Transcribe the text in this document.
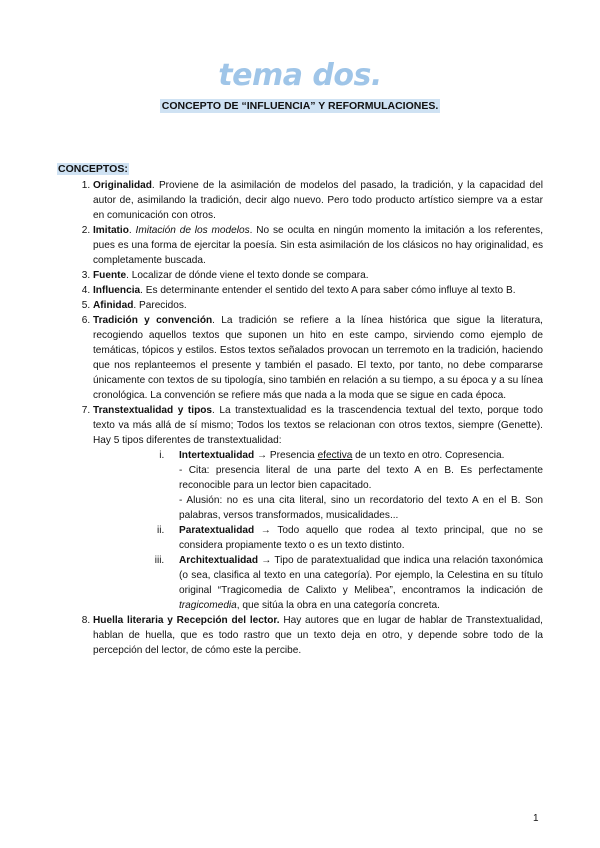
tema dos.
CONCEPTO DE “INFLUENCIA” Y REFORMULACIONES.
CONCEPTOS:
1. Originalidad. Proviene de la asimilación de modelos del pasado, la tradición, y la capacidad del autor de, asimilando la tradición, decir algo nuevo. Pero todo producto artístico siempre va a estar en comunicación con otros.
2. Imitatio. Imitación de los modelos. No se oculta en ningún momento la imitación a los referentes, pues es una forma de ejercitar la poesía. Sin esta asimilación de los clásicos no hay originalidad, es completamente buscada.
3. Fuente. Localizar de dónde viene el texto donde se compara.
4. Influencia. Es determinante entender el sentido del texto A para saber cómo influye al texto B.
5. Afinidad. Parecidos.
6. Tradición y convención. La tradición se refiere a la línea histórica que sigue la literatura, recogiendo aquellos textos que suponen un hito en este campo, sirviendo como ejemplo de temáticas, tópicos y estilos. Estos textos señalados provocan un terremoto en la tradición, haciendo que nos replanteemos el presente y también el pasado. El texto, por tanto, no debe compararse únicamente con textos de su tipología, sino también en relación a su tiempo, a su época y a su línea cronológica. La convención se refiere más que nada a la moda que se sigue en cada época.
7. Transtextualidad y tipos. La transtextualidad es la trascendencia textual del texto, porque todo texto va más allá de sí mismo; Todos los textos se relacionan con otros textos, siempre (Genette). Hay 5 tipos diferentes de transtextualidad:
i. Intertextualidad → Presencia efectiva de un texto en otro. Copresencia.
- Cita: presencia literal de una parte del texto A en B. Es perfectamente reconocible para un lector bien capacitado.
- Alusión: no es una cita literal, sino un recordatorio del texto A en el B. Son palabras, versos transformados, musicalidades...
ii. Paratextualidad → Todo aquello que rodea al texto principal, que no se considera propiamente texto o es un texto distinto.
iii. Architextualidad → Tipo de paratextualidad que indica una relación taxonómica (o sea, clasifica al texto en una categoría). Por ejemplo, la Celestina en su título original “Tragicomedia de Calixto y Melibea”, encontramos la indicación de tragicomedia, que sitúa la obra en una categoría concreta.
8. Huella literaria y Recepción del lector. Hay autores que en lugar de hablar de Transtextualidad, hablan de huella, que es todo rastro que un texto deja en otro, y depende sobre todo de la percepción del lector, de cómo este la percibe.
1
